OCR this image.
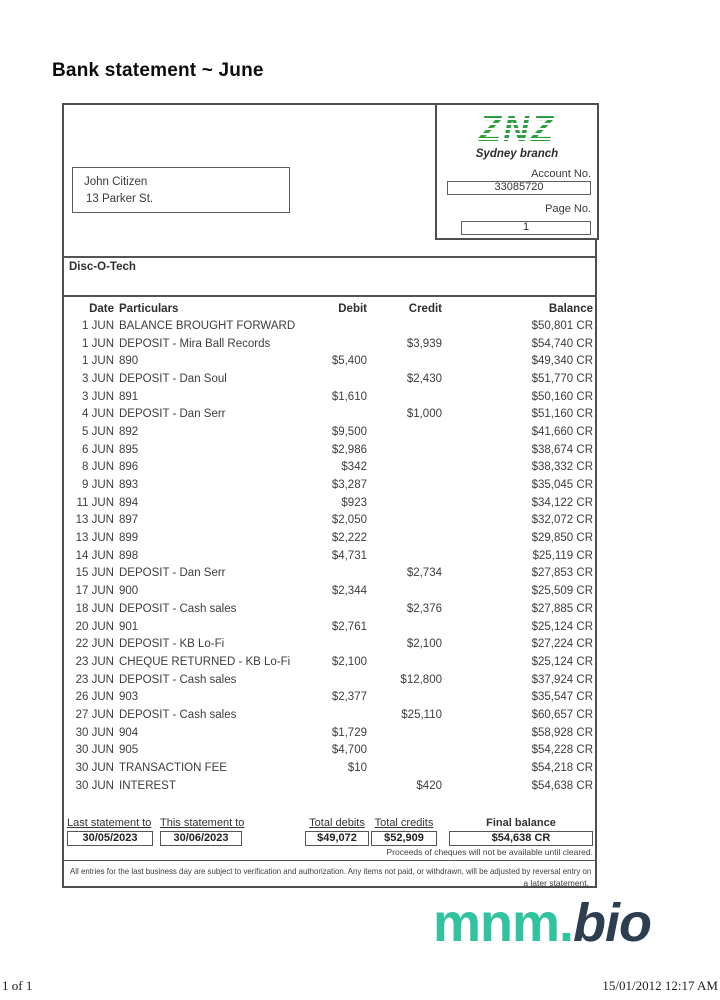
Bank statement ~ June
ZNZ
Sydney branch
Account No.
33085720
Page No.
1
John Citizen
13 Parker St.
Disc-O-Tech
Date	Particulars	Debit	Credit	Balance
1 JUN	BALANCE BROUGHT FORWARD			$50,801 CR
1 JUN	DEPOSIT - Mira Ball Records		$3,939	$54,740 CR
1 JUN	890	$5,400		$49,340 CR
3 JUN	DEPOSIT - Dan Soul		$2,430	$51,770 CR
3 JUN	891	$1,610		$50,160 CR
4 JUN	DEPOSIT - Dan Serr		$1,000	$51,160 CR
5 JUN	892	$9,500		$41,660 CR
6 JUN	895	$2,986		$38,674 CR
8 JUN	896	$342		$38,332 CR
9 JUN	893	$3,287		$35,045 CR
11 JUN	894	$923		$34,122 CR
13 JUN	897	$2,050		$32,072 CR
13 JUN	899	$2,222		$29,850 CR
14 JUN	898	$4,731		$25,119 CR
15 JUN	DEPOSIT - Dan Serr		$2,734	$27,853 CR
17 JUN	900	$2,344		$25,509 CR
18 JUN	DEPOSIT - Cash sales		$2,376	$27,885 CR
20 JUN	901	$2,761		$25,124 CR
22 JUN	DEPOSIT - KB Lo-Fi		$2,100	$27,224 CR
23 JUN	CHEQUE RETURNED - KB Lo-Fi	$2,100		$25,124 CR
23 JUN	DEPOSIT - Cash sales		$12,800	$37,924 CR
26 JUN	903	$2,377		$35,547 CR
27 JUN	DEPOSIT - Cash sales		$25,110	$60,657 CR
30 JUN	904	$1,729		$58,928 CR
30 JUN	905	$4,700		$54,228 CR
30 JUN	TRANSACTION FEE	$10		$54,218 CR
30 JUN	INTEREST		$420	$54,638 CR
Last statement to
30/05/2023
This statement to
30/06/2023
Total debits
$49,072
Total credits
$52,909
Final balance
$54,638 CR
Proceeds of cheques will not be available until cleared.
All entries for the last business day are subject to verification and authorization. Any items not paid, or withdrawn, will be adjusted by reversal entry on
a later statement.
mnm.bio
1 of 1	15/01/2012 12:17 AM
